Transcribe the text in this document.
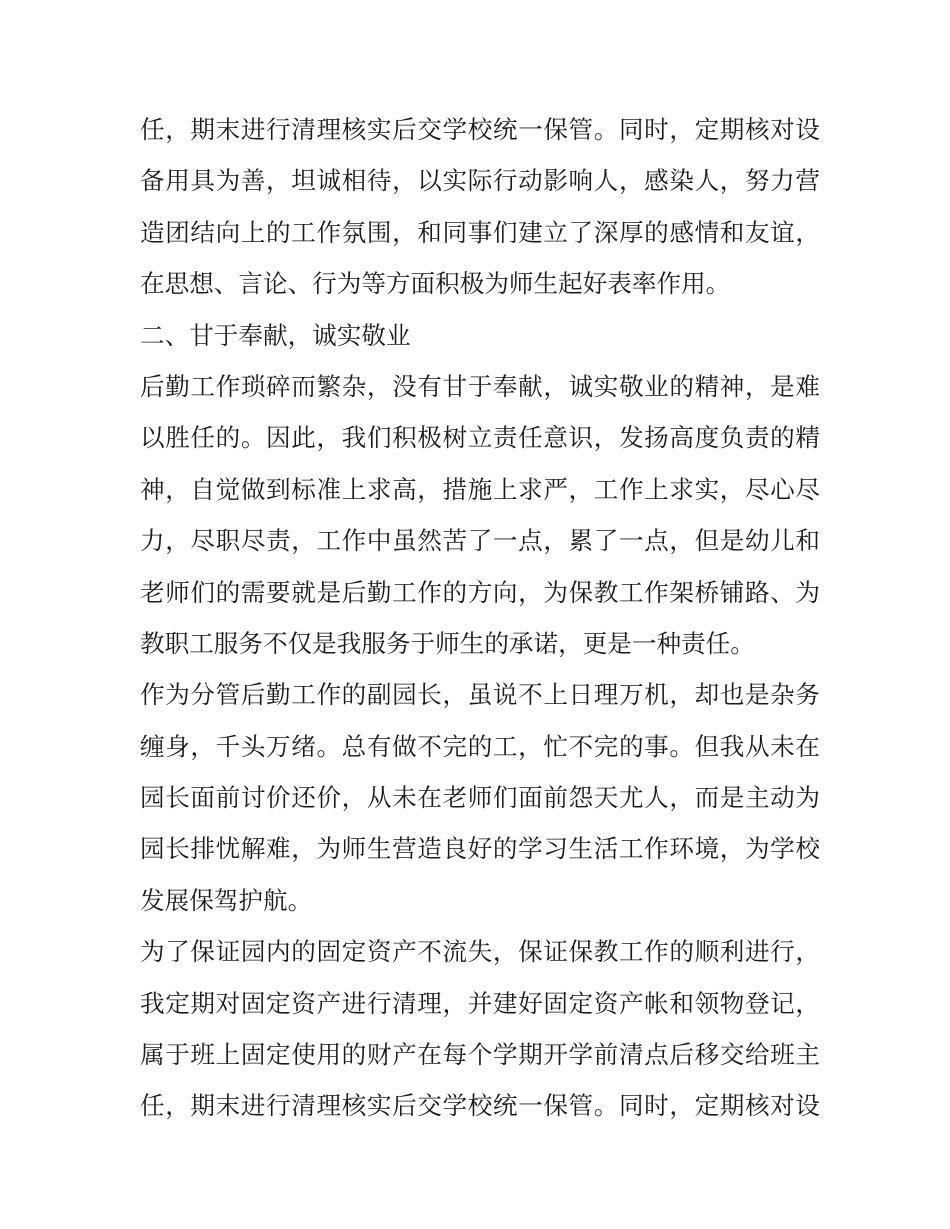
任，期末进行清理核实后交学校统一保管。同时，定期核对设
备用具为善，坦诚相待，以实际行动影响人，感染人，努力营
造团结向上的工作氛围，和同事们建立了深厚的感情和友谊，
在思想、言论、行为等方面积极为师生起好表率作用。
二、甘于奉献，诚实敬业
后勤工作琐碎而繁杂，没有甘于奉献，诚实敬业的精神，是难
以胜任的。因此，我们积极树立责任意识，发扬高度负责的精
神，自觉做到标准上求高，措施上求严，工作上求实，尽心尽
力，尽职尽责，工作中虽然苦了一点，累了一点，但是幼儿和
老师们的需要就是后勤工作的方向，为保教工作架桥铺路、为
教职工服务不仅是我服务于师生的承诺，更是一种责任。
作为分管后勤工作的副园长，虽说不上日理万机，却也是杂务
缠身，千头万绪。总有做不完的工，忙不完的事。但我从未在
园长面前讨价还价，从未在老师们面前怨天尤人，而是主动为
园长排忧解难，为师生营造良好的学习生活工作环境，为学校
发展保驾护航。
为了保证园内的固定资产不流失，保证保教工作的顺利进行，
我定期对固定资产进行清理，并建好固定资产帐和领物登记，
属于班上固定使用的财产在每个学期开学前清点后移交给班主
任，期末进行清理核实后交学校统一保管。同时，定期核对设
